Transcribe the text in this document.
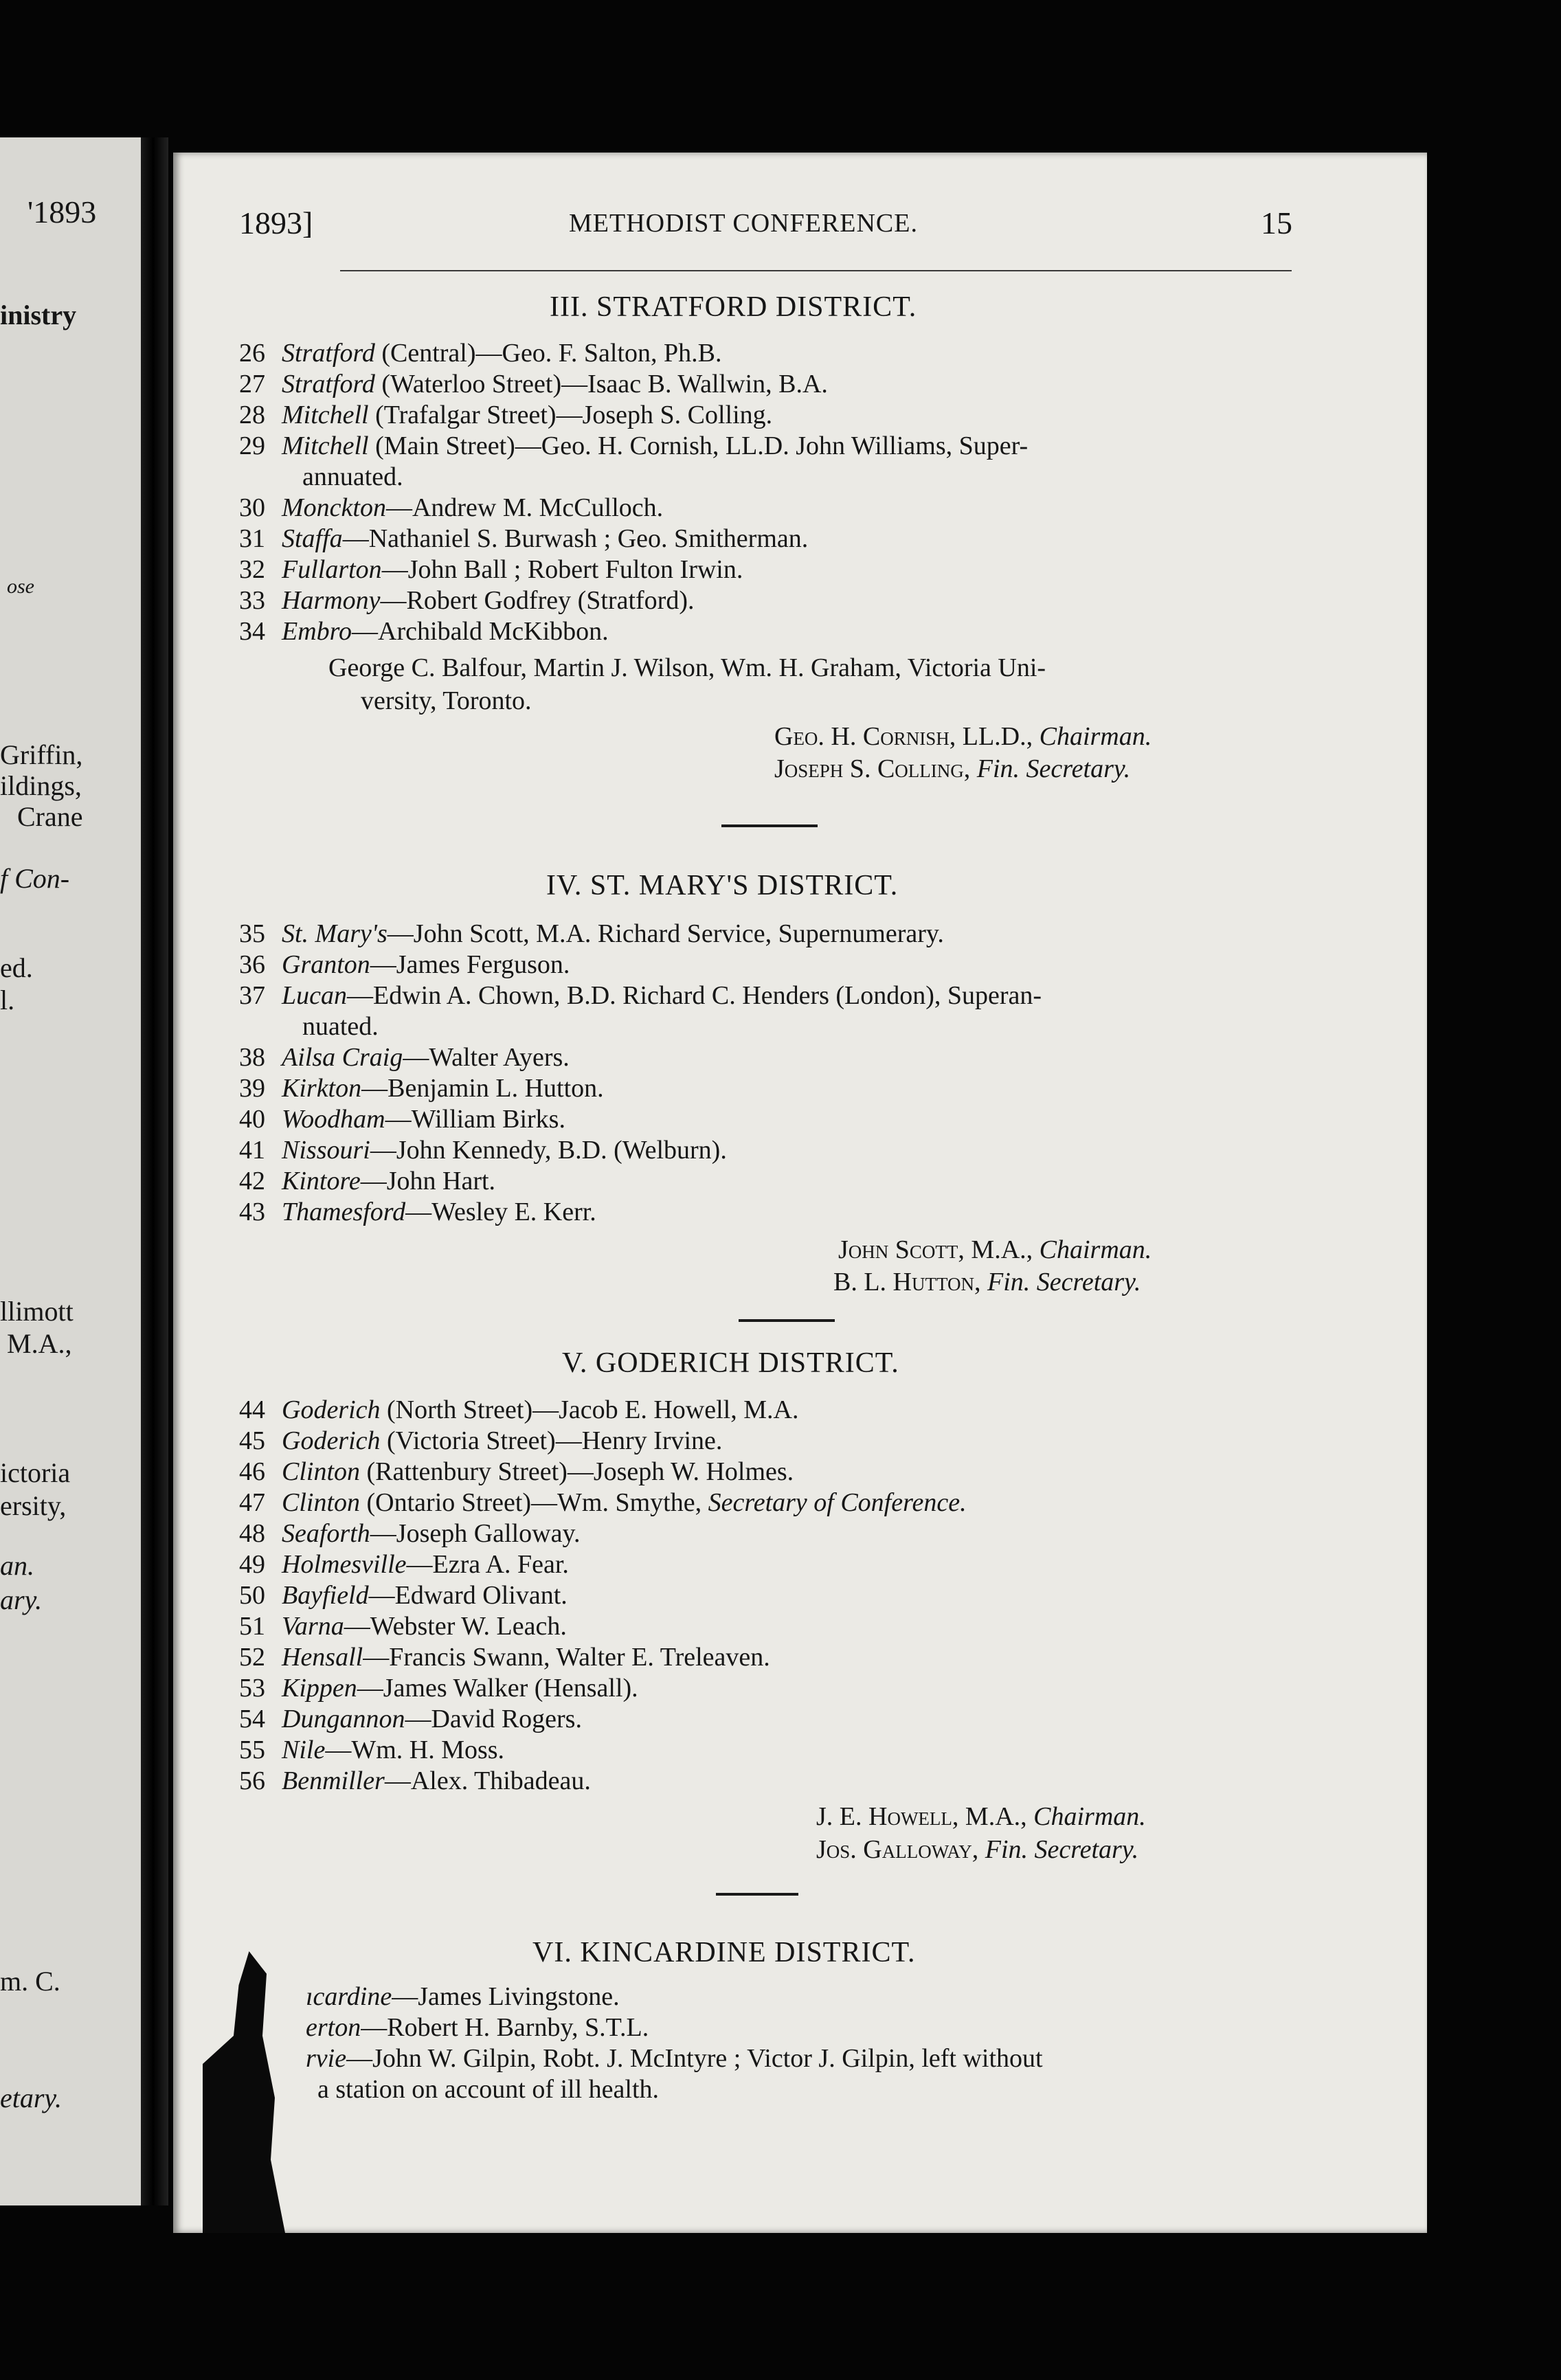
'1893
inistry
ose
Griffin,
ildings,
Crane
f Con-
ed.
l.
llimott
M.A.,
ictoria
ersity,
an.
ary.
m. C.
etary.
1893]	METHODIST CONFERENCE.	15
III. STRATFORD DISTRICT.
26 Stratford (Central)—Geo. F. Salton, Ph.B.
27 Stratford (Waterloo Street)—Isaac B. Wallwin, B.A.
28 Mitchell (Trafalgar Street)—Joseph S. Colling.
29 Mitchell (Main Street)—Geo. H. Cornish, LL.D. John Williams, Super-
annuated.
30 Monckton—Andrew M. McCulloch.
31 Staffa—Nathaniel S. Burwash ; Geo. Smitherman.
32 Fullarton—John Ball ; Robert Fulton Irwin.
33 Harmony—Robert Godfrey (Stratford).
34 Embro—Archibald McKibbon.
George C. Balfour, Martin J. Wilson, Wm. H. Graham, Victoria Uni-
versity, Toronto.
Geo. H. Cornish, LL.D., Chairman.
Joseph S. Colling, Fin. Secretary.
IV. ST. MARY'S DISTRICT.
35 St. Mary's—John Scott, M.A. Richard Service, Supernumerary.
36 Granton—James Ferguson.
37 Lucan—Edwin A. Chown, B.D. Richard C. Henders (London), Superan-
nuated.
38 Ailsa Craig—Walter Ayers.
39 Kirkton—Benjamin L. Hutton.
40 Woodham—William Birks.
41 Nissouri—John Kennedy, B.D. (Welburn).
42 Kintore—John Hart.
43 Thamesford—Wesley E. Kerr.
John Scott, M.A., Chairman.
B. L. Hutton, Fin. Secretary.
V. GODERICH DISTRICT.
44 Goderich (North Street)—Jacob E. Howell, M.A.
45 Goderich (Victoria Street)—Henry Irvine.
46 Clinton (Rattenbury Street)—Joseph W. Holmes.
47 Clinton (Ontario Street)—Wm. Smythe, Secretary of Conference.
48 Seaforth—Joseph Galloway.
49 Holmesville—Ezra A. Fear.
50 Bayfield—Edward Olivant.
51 Varna—Webster W. Leach.
52 Hensall—Francis Swann, Walter E. Treleaven.
53 Kippen—James Walker (Hensall).
54 Dungannon—David Rogers.
55 Nile—Wm. H. Moss.
56 Benmiller—Alex. Thibadeau.
J. E. Howell, M.A., Chairman.
Jos. Galloway, Fin. Secretary.
VI. KINCARDINE DISTRICT.
ıcardine—James Livingstone.
erton—Robert H. Barnby, S.T.L.
rvie—John W. Gilpin, Robt. J. McIntyre ; Victor J. Gilpin, left without
a station on account of ill health.
